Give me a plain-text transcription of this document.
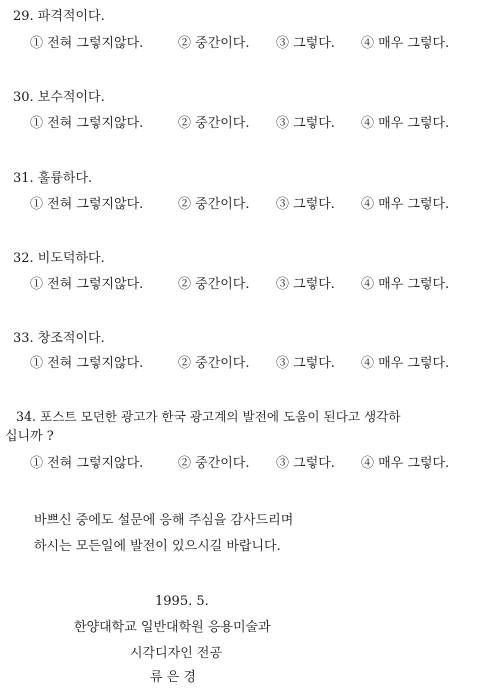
29. 파격적이다.
① 전혀 그렇지않다.	② 중간이다. ③ 그렇다. ④ 매우 그렇다.
30. 보수적이다.
① 전혀 그렇지않다.	② 중간이다. ③ 그렇다. ④ 매우 그렇다.
31. 훌륭하다.
① 전혀 그렇지않다.	② 중간이다. ③ 그렇다. ④ 매우 그렇다.
32. 비도덕하다.
① 전혀 그렇지않다.	② 중간이다. ③ 그렇다. ④ 매우 그렇다.
33. 창조적이다.
① 전혀 그렇지않다.	② 중간이다. ③ 그렇다. ④ 매우 그렇다.
34. 포스트 모던한 광고가 한국 광고계의 발전에 도움이 된다고 생각하
십니까 ?
① 전혀 그렇지않다.	② 중간이다. ③ 그렇다. ④ 매우 그렇다.
바쁘신 중에도 설문에 응해 주심을 감사드리며
하시는 모든일에 발전이 있으시길 바랍니다.
1995. 5.
한양대학교 일반대학원 응용미술과
시각디자인 전공
류 은 경
